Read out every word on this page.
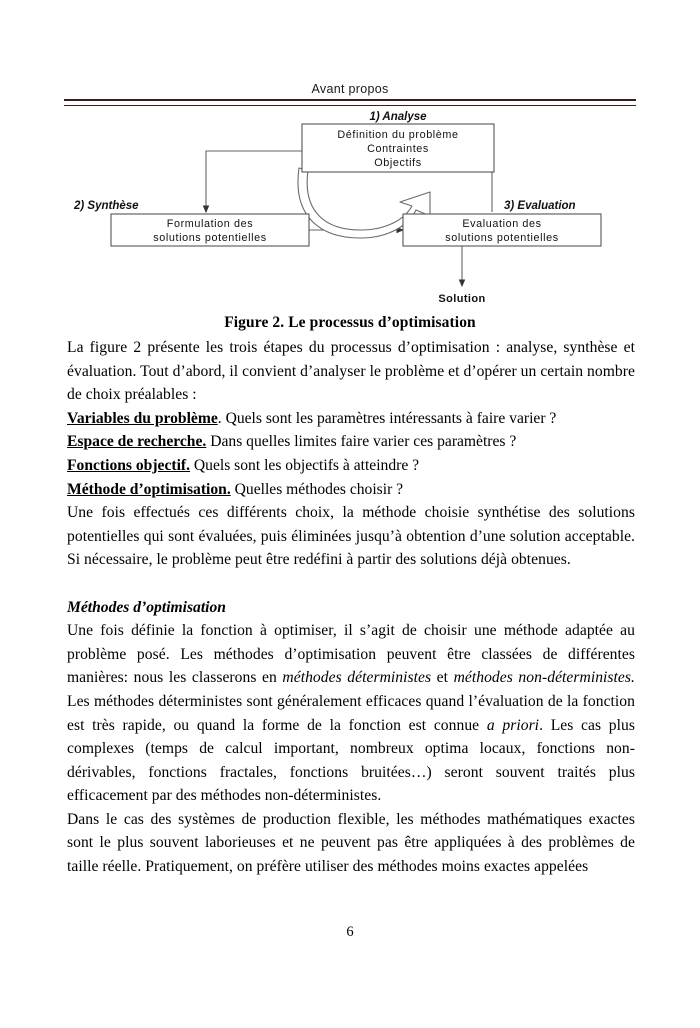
Avant propos
1) Analyse
Définition du problème
Contraintes
Objectifs
2) Synthèse
Formulation des
solutions potentielles
3) Evaluation
Evaluation des
solutions potentielles
Solution
Figure 2. Le processus d’optimisation

La figure 2 présente les trois étapes du processus d’optimisation : analyse, synthèse et évaluation. Tout d’abord, il convient d’analyser le problème et d’opérer un certain nombre de choix préalables :

Variables du problème. Quels sont les paramètres intéressants à faire varier ?

Espace de recherche. Dans quelles limites faire varier ces paramètres ?

Fonctions objectif. Quels sont les objectifs à atteindre ?

Méthode d’optimisation. Quelles méthodes choisir ?

Une fois effectués ces différents choix, la méthode choisie synthétise des solutions potentielles qui sont évaluées, puis éliminées jusqu’à obtention d’une solution acceptable. Si nécessaire, le problème peut être redéfini à partir des solutions déjà obtenues.

Méthodes d’optimisation

Une fois définie la fonction à optimiser, il s’agit de choisir une méthode adaptée au problème posé. Les méthodes d’optimisation peuvent être classées de différentes manières: nous les classerons en méthodes déterministes et méthodes non-déterministes. Les méthodes déterministes sont généralement efficaces quand l’évaluation de la fonction est très rapide, ou quand la forme de la fonction est connue a priori. Les cas plus complexes (temps de calcul important, nombreux optima locaux, fonctions non-dérivables, fonctions fractales, fonctions bruitées…) seront souvent traités plus efficacement par des méthodes non-déterministes.

Dans le cas des systèmes de production flexible, les méthodes mathématiques exactes sont le plus souvent laborieuses et ne peuvent pas être appliquées à des problèmes de taille réelle. Pratiquement, on préfère utiliser des méthodes moins exactes appelées

6
